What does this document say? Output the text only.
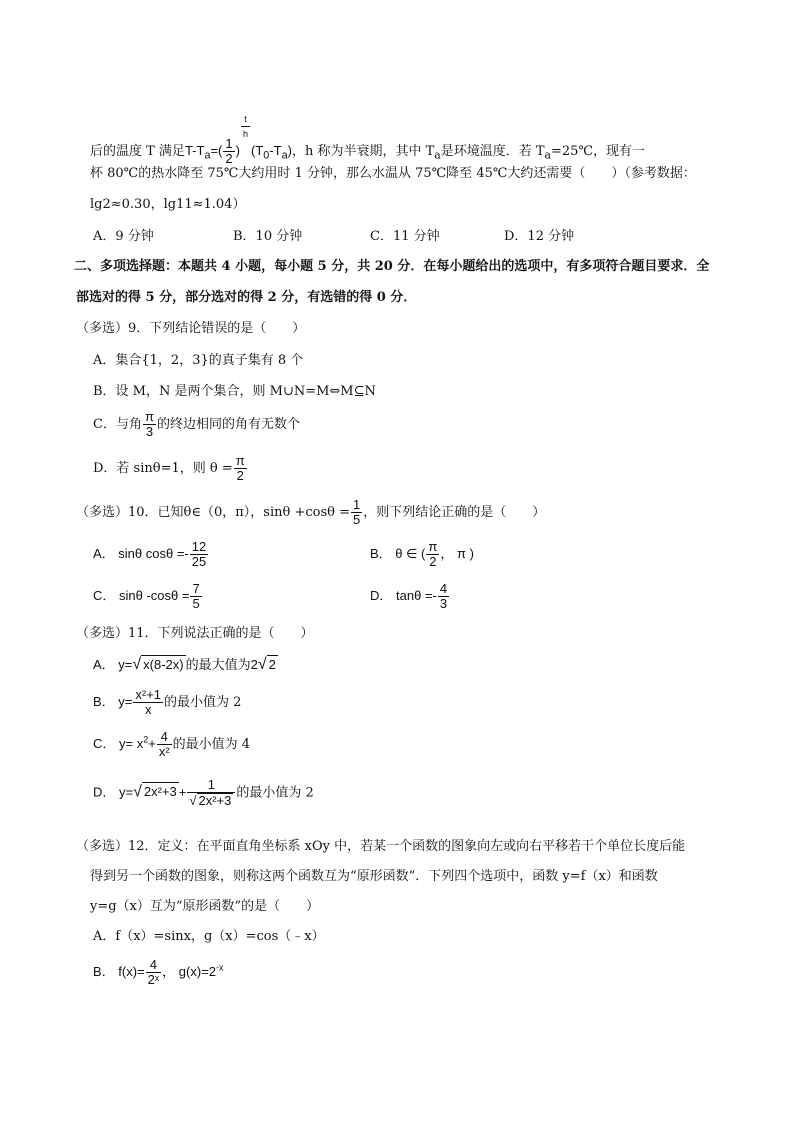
后的温度 T 满足$T-T_a=( \frac{1}{2}$ )
$^{\frac{t}{h}}$
$(T_0-T_a)$，h 称为半衰期，其中 $T_a$是环境温度．若 $T_a=25℃$，现有一
杯 80℃的热水降至 75℃大约用时 1 分钟，那么水温从 75℃降至 45℃大约还需要（　　）（参考数据：
lg2≈0.30，lg11≈1.04）
A．9 分钟	B．10 分钟	C．11 分钟	D．12 分钟
二、多项选择题：本题共 4 小题，每小题 5 分，共 20 分．在每小题给出的选项中，有多项符合题目要求．全
部选对的得 5 分，部分选对的得 2 分，有选错的得 0 分．
（多选）9．下列结论错误的是（　　）
A．集合{1，2，3}的真子集有 8 个
B．设 M，N 是两个集合，则 M∪N=M⇔M⊆N
C．与角 $\frac{\pi}{3}$ 的终边相同的角有无数个
D．若 sinθ=1，则 $\theta = \frac{\pi}{2}$
（多选）10．已知θ∈（0，π），$\sin\theta +\cos\theta = \frac{1}{5}$ ，则下列结论正确的是（　　）
A． sinθ $\cos\theta =- \frac{12}{25}$	B． θ ∈ ( $\frac{\pi}{2}$ ， π )
C． sinθ $-\cos\theta = \frac{7}{5}$	D． $\tan\theta =- \frac{4}{3}$
（多选）11．下列说法正确的是（　　）
A． y=√ x(8-2x) 的最大值为2√ 2
B． $y= \frac{\text{x²+1}}{x}$ 的最小值为 2
C． $y= x^2+ \frac{4}{\text{x²}}$ 的最小值为 4
D． y=√ $2x^2+3 + \frac{1}{\text{√ 2x²+3}}$ 的最小值为 2
（多选）12．定义：在平面直角坐标系 xOy 中，若某一个函数的图象向左或向右平移若干个单位长度后能
得到另一个函数的图象，则称这两个函数互为“原形函数”．下列四个选项中，函数 y=f（x）和函数
y=g（x）互为“原形函数”的是（　　）
A．f（x）=sinx，g（x）=cos（﹣x）
B． $f(x)= \frac{4}{\text{2ˣ}}$ ， $g(x)=2^{-x}$
